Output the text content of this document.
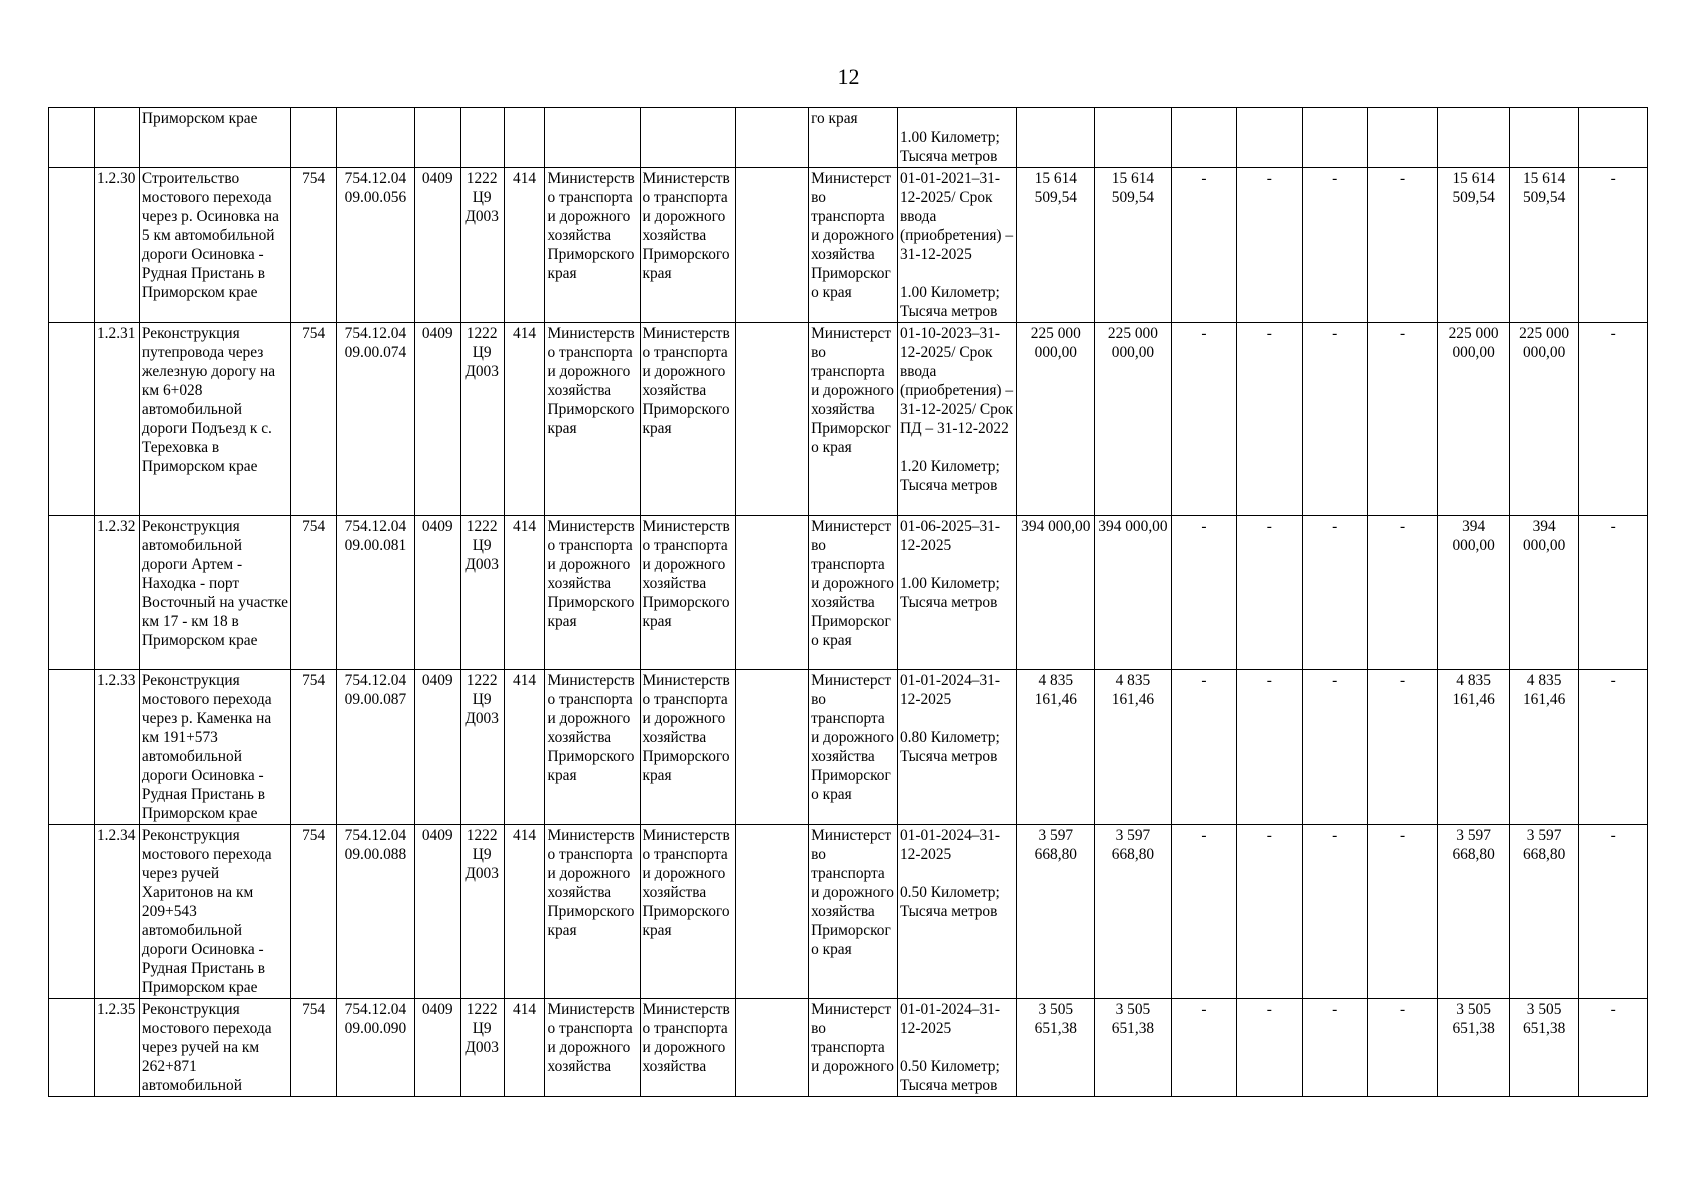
12
		Приморском крае									го края	
1.00 Километр;
Тысяча метров									
	1.2.30	Строительство мостового перехода через р. Осиновка на 5 км автомобильной дороги Осиновка - Рудная Пристань в Приморском крае	754	754.12.04
09.00.056	0409	1222Ц9
Д003	414	Министерство транспорта и дорожного хозяйства Приморского края	Министерство транспорта и дорожного хозяйства Приморского края		Министерство транспорта и дорожного хозяйства Приморского края	01-01-2021–31-12-2025/ Срок ввода (приобретения) – 31-12-2025

1.00 Километр;
Тысяча метров	15 614 509,54	15 614 509,54	-	-	-	-	15 614 509,54	15 614 509,54	-
	1.2.31	Реконструкция путепровода через железную дорогу на км 6+028 автомобильной дороги Подъезд к с. Тереховка в Приморском крае	754	754.12.04
09.00.074	0409	1222Ц9
Д003	414	Министерство транспорта и дорожного хозяйства Приморского края	Министерство транспорта и дорожного хозяйства Приморского края		Министерство транспорта и дорожного хозяйства Приморского края	01-10-2023–31-12-2025/ Срок ввода (приобретения) – 31-12-2025/ Срок ПД – 31-12-2022

1.20 Километр;
Тысяча метров	225 000 000,00	225 000 000,00	-	-	-	-	225 000 000,00	225 000 000,00	-
	1.2.32	Реконструкция автомобильной дороги Артем - Находка - порт Восточный на участке км 17 - км 18 в Приморском крае	754	754.12.04
09.00.081	0409	1222Ц9
Д003	414	Министерство транспорта и дорожного хозяйства Приморского края	Министерство транспорта и дорожного хозяйства Приморского края		Министерство транспорта и дорожного хозяйства Приморского края	01-06-2025–31-12-2025

1.00 Километр;
Тысяча метров	394 000,00	394 000,00	-	-	-	-	394 000,00	394 000,00	-
	1.2.33	Реконструкция мостового перехода через р. Каменка на км 191+573 автомобильной дороги Осиновка - Рудная Пристань в Приморском крае	754	754.12.04
09.00.087	0409	1222Ц9
Д003	414	Министерство транспорта и дорожного хозяйства Приморского края	Министерство транспорта и дорожного хозяйства Приморского края		Министерство транспорта и дорожного хозяйства Приморского края	01-01-2024–31-12-2025

0.80 Километр;
Тысяча метров	4 835 161,46	4 835 161,46	-	-	-	-	4 835 161,46	4 835 161,46	-
	1.2.34	Реконструкция мостового перехода через ручей Харитонов на км 209+543 автомобильной дороги Осиновка - Рудная Пристань в Приморском крае	754	754.12.04
09.00.088	0409	1222Ц9
Д003	414	Министерство транспорта и дорожного хозяйства Приморского края	Министерство транспорта и дорожного хозяйства Приморского края		Министерство транспорта и дорожного хозяйства Приморского края	01-01-2024–31-12-2025

0.50 Километр;
Тысяча метров	3 597 668,80	3 597 668,80	-	-	-	-	3 597 668,80	3 597 668,80	-
	1.2.35	Реконструкция мостового перехода через ручей на км 262+871 автомобильной	754	754.12.04
09.00.090	0409	1222Ц9
Д003	414	Министерство транспорта и дорожного хозяйства	Министерство транспорта и дорожного хозяйства		Министерство транспорта и дорожного	01-01-2024–31-12-2025

0.50 Километр;
Тысяча метров	3 505 651,38	3 505 651,38	-	-	-	-	3 505 651,38	3 505 651,38	-
